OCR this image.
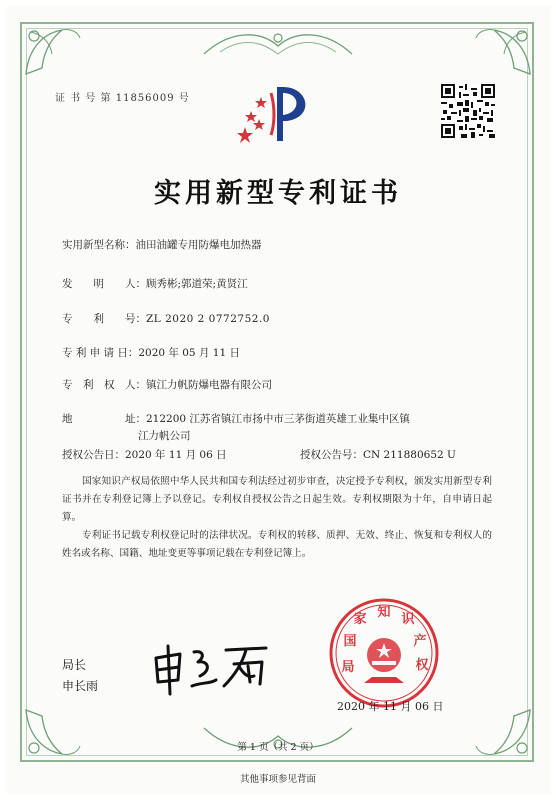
证 书 号 第 11856009 号
实用新型专利证书
实用新型名称：油田油罐专用防爆电加热器
发　　明　　人：顾秀彬;郭道荣;黄贤江
专　　利　　号：ZL 2020 2 0772752.0
专 利 申 请 日：2020 年 05 月 11 日
专　利　权　人：镇江力帆防爆电器有限公司
地　　　　　址：212200 江苏省镇江市扬中市三茅街道英雄工业集中区镇
江力帆公司
授权公告日：2020 年 11 月 06 日	授权公告号：CN 211880652 U
国家知识产权局依照中华人民共和国专利法经过初步审查，决定授予专利权，颁发实用新型专利证书并在专利登记簿上予以登记。专利权自授权公告之日起生效。专利权期限为十年，自申请日起算。
专利证书记载专利权登记时的法律状况。专利权的转移、质押、无效、终止、恢复和专利权人的姓名或名称、国籍、地址变更等事项记载在专利登记簿上。
国
家 知 识
产
权
局
局长
申长雨
2020 年 11 月 06 日
第 1 页（共 2 页）
其他事项参见背面
